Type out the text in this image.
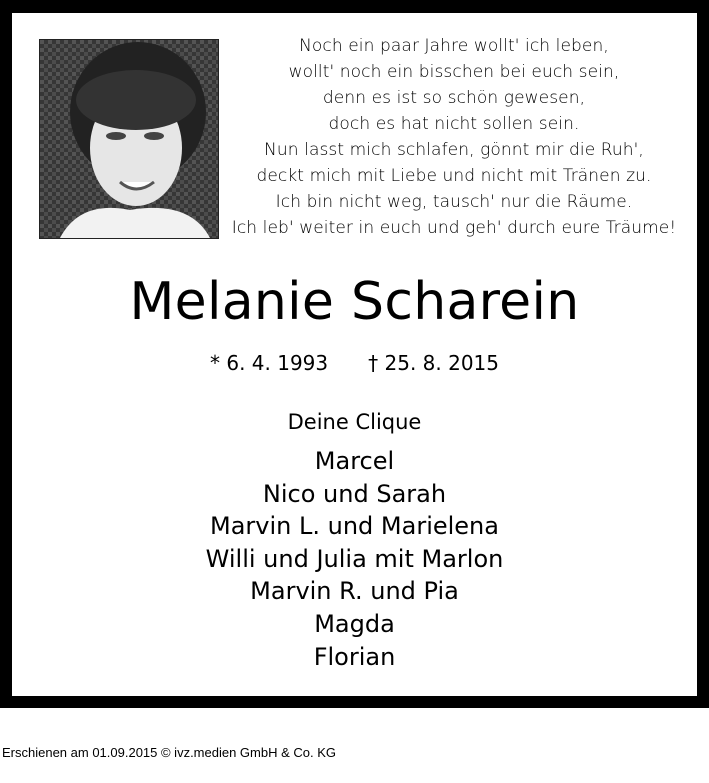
Noch ein paar Jahre wollt' ich leben,
wollt' noch ein bisschen bei euch sein,
denn es ist so schön gewesen,
doch es hat nicht sollen sein.
Nun lasst mich schlafen, gönnt mir die Ruh',
deckt mich mit Liebe und nicht mit Tränen zu.
Ich bin nicht weg, tausch' nur die Räume.
Ich leb' weiter in euch und geh' durch eure Träume!
Melanie Scharein
* 6. 4. 1993 † 25. 8. 2015
Deine Clique
Marcel
Nico und Sarah
Marvin L. und Marielena
Willi und Julia mit Marlon
Marvin R. und Pia
Magda
Florian
Erschienen am 01.09.2015 © ivz.medien GmbH & Co. KG
